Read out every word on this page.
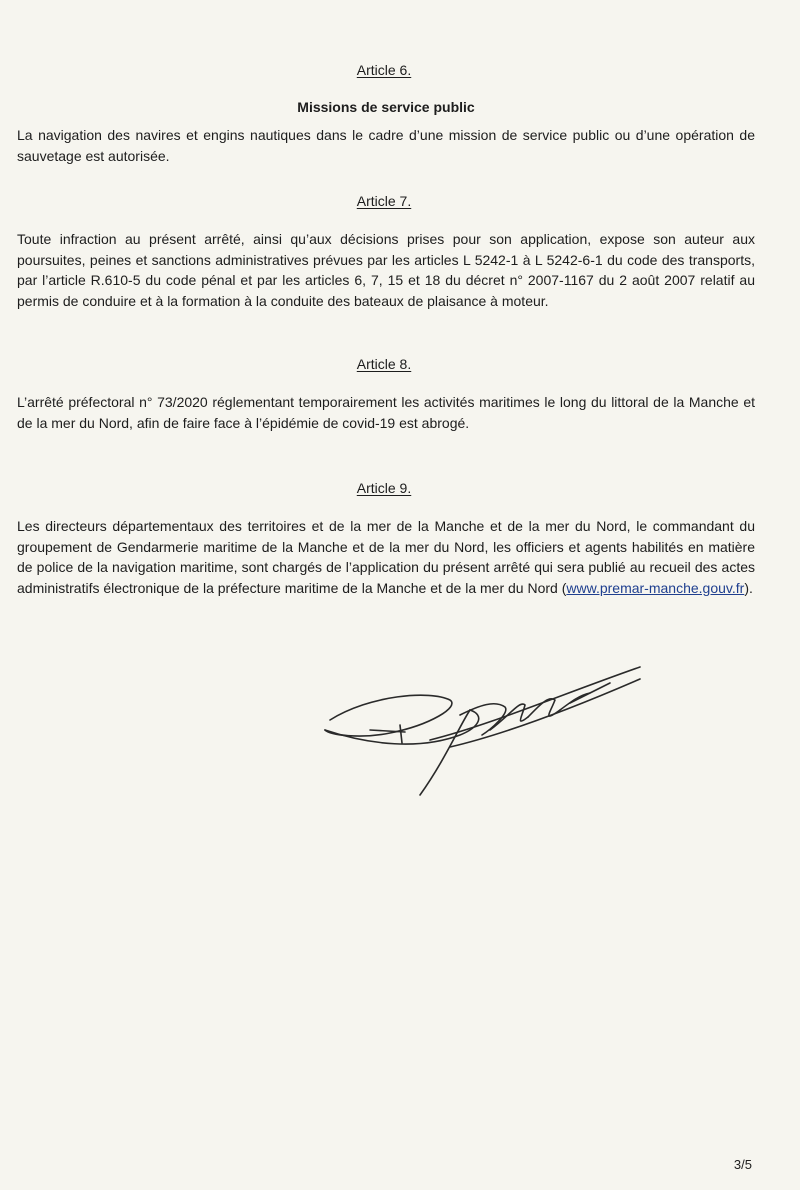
Article 6.
Missions de service public
La navigation des navires et engins nautiques dans le cadre d’une mission de service public ou d’une opération de sauvetage est autorisée.
Article 7.
Toute infraction au présent arrêté, ainsi qu’aux décisions prises pour son application, expose son auteur aux poursuites, peines et sanctions administratives prévues par les articles L 5242-1 à L 5242-6-1 du code des transports, par l’article R.610-5 du code pénal et par les articles 6, 7, 15 et 18 du décret n° 2007-1167 du 2 août 2007 relatif au permis de conduire et à la formation à la conduite des bateaux de plaisance à moteur.
Article 8.
L’arrêté préfectoral n° 73/2020 réglementant temporairement les activités maritimes le long du littoral de la Manche et de la mer du Nord, afin de faire face à l’épidémie de covid-19 est abrogé.
Article 9.
Les directeurs départementaux des territoires et de la mer de la Manche et de la mer du Nord, le commandant du groupement de Gendarmerie maritime de la Manche et de la mer du Nord, les officiers et agents habilités en matière de police de la navigation maritime, sont chargés de l’application du présent arrêté qui sera publié au recueil des actes administratifs électronique de la préfecture maritime de la Manche et de la mer du Nord (www.premar-manche.gouv.fr).
3/5
